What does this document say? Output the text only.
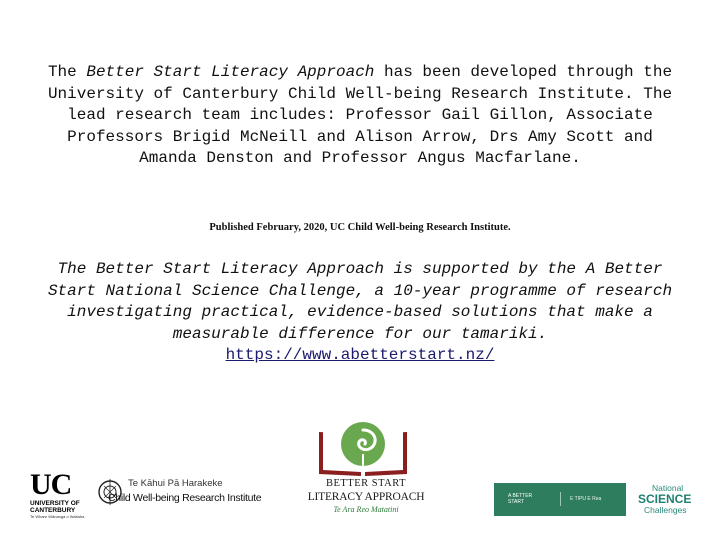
The Better Start Literacy Approach has been developed through the University of Canterbury Child Well-being Research Institute. The lead research team includes: Professor Gail Gillon, Associate Professors Brigid McNeill and Alison Arrow, Drs Amy Scott and Amanda Denston and Professor Angus Macfarlane.
Published February, 2020, UC Child Well-being Research Institute.
The Better Start Literacy Approach is supported by the A Better Start National Science Challenge, a 10-year programme of research investigating practical, evidence-based solutions that make a measurable difference for our tamariki. https://www.abetterstart.nz/
UC
UNIVERSITY OF
CANTERBURY
Te Whare Wānanga o Waitaha
Te Kāhui Pā Harakeke
Child Well-being Research Institute
BETTER START
LITERACY APPROACH
Te Ara Reo Matatini
A BETTER
START	E TIPU E Rea
National
SCIENCE
Challenges
